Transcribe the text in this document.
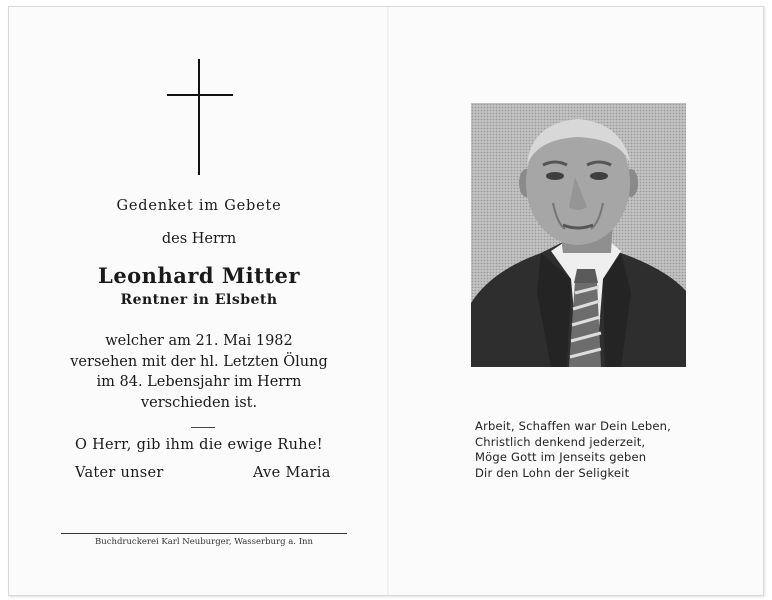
Gedenket im Gebete
des Herrn
Leonhard Mitter
Rentner in Elsbeth
welcher am 21. Mai 1982
versehen mit der hl. Letzten Ölung
im 84. Lebensjahr im Herrn
verschieden ist.
O Herr, gib ihm die ewige Ruhe!
Vater unser	Ave Maria
Buchdruckerei Karl Neuburger, Wasserburg a. Inn
Arbeit, Schaffen war Dein Leben,
Christlich denkend jederzeit,
Möge Gott im Jenseits geben
Dir den Lohn der Seligkeit
